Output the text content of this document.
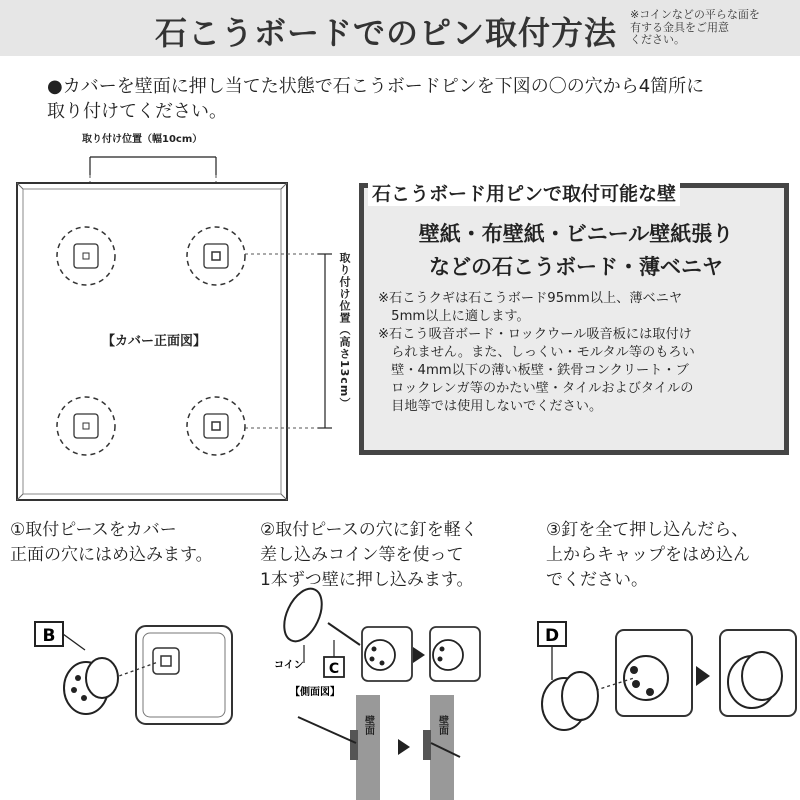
石こうボードでのピン取付方法 ※コインなどの平らな面を
有する金具をご用意
ください。
●カバーを壁面に押し当てた状態で石こうボードピンを下図の〇の穴から4箇所に
取り付けてください。
取り付け位置（幅10cm）
取り付け位置（高さ13cm）
【カバー正面図】
石こうボード用ピンで取付可能な壁
壁紙・布壁紙・ビニール壁紙張り
などの石こうボード・薄ベニヤ
※石こうクギは石こうボード95mm以上、薄ベニヤ
　5mm以上に適します。
※石こう吸音ボード・ロックウール吸音板には取付け
　られません。また、しっくい・モルタル等のもろい
　壁・4mm以下の薄い板壁・鉄骨コンクリート・ブ
　ロックレンガ等のかたい壁・タイルおよびタイルの
　目地等では使用しないでください。
①取付ピースをカバー
正面の穴にはめ込みます。
②取付ピースの穴に釘を軽く
差し込みコイン等を使って
1本ずつ壁に押し込みます。
③釘を全て押し込んだら、
上からキャップをはめ込ん
でください。
B
コイン C
【側面図】
壁面	壁面
D
